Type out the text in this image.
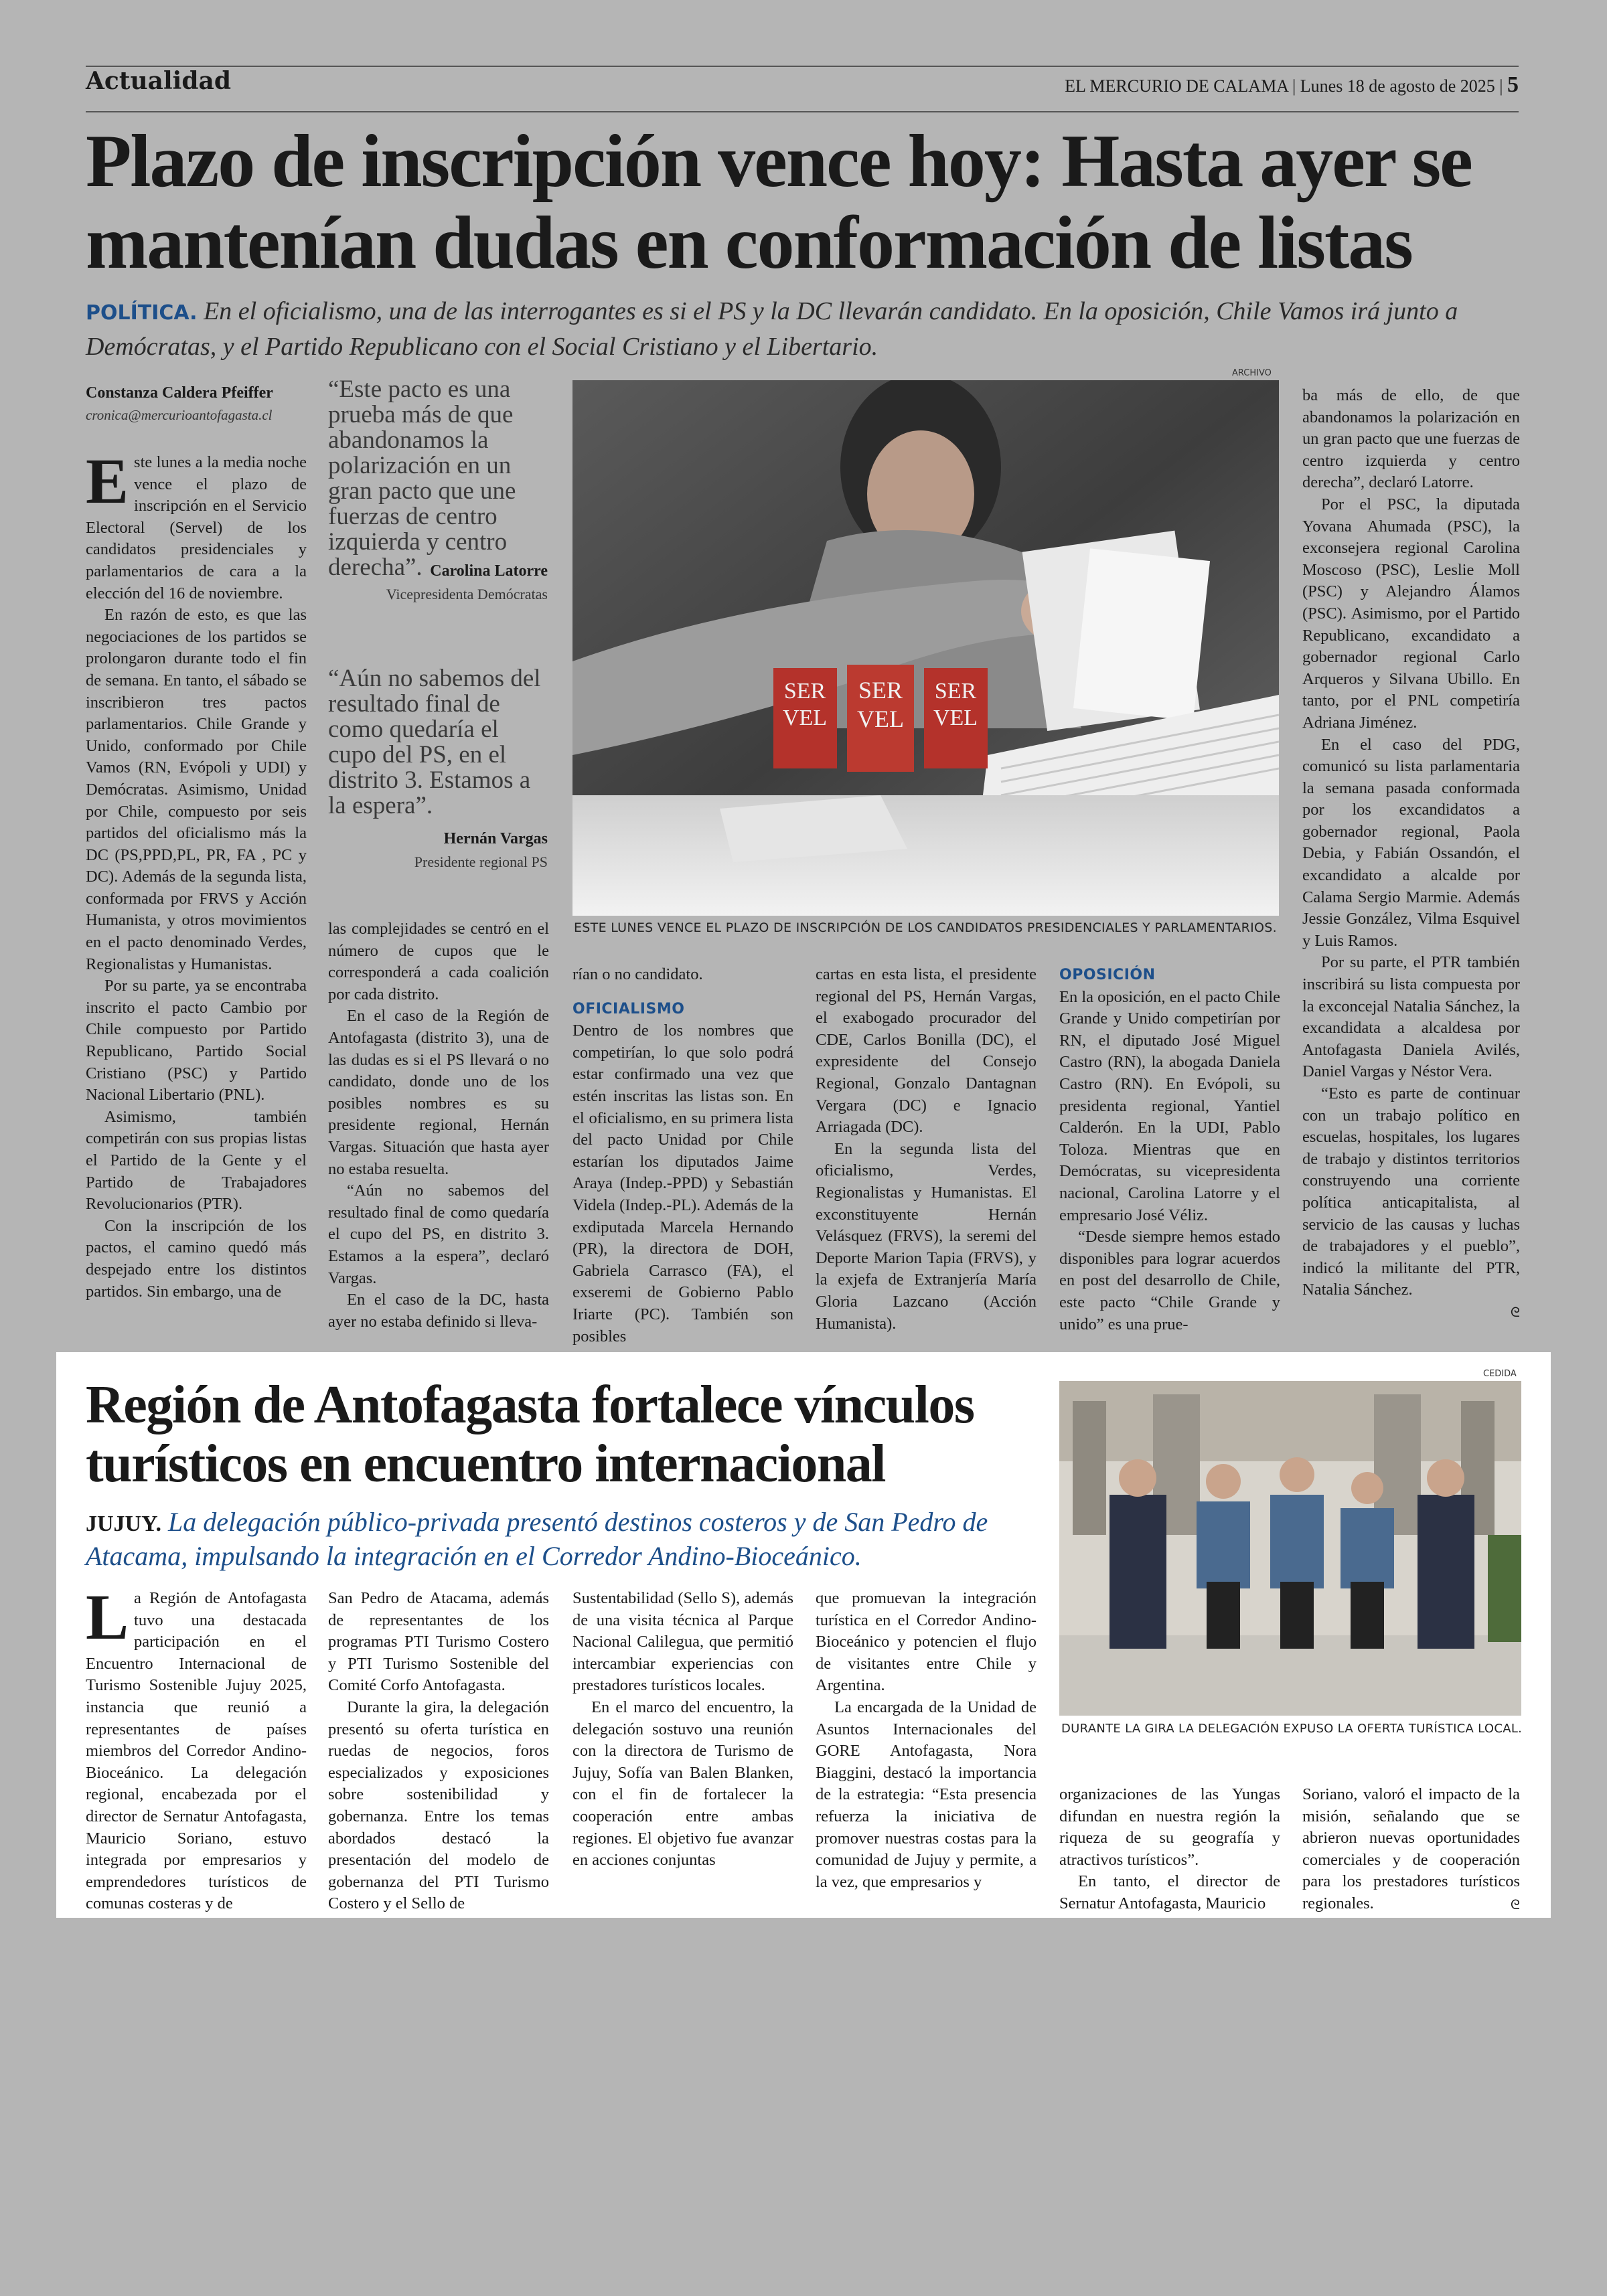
Actualidad	EL MERCURIO DE CALAMA | Lunes 18 de agosto de 2025 | 5
Plazo de inscripción vence hoy: Hasta ayer se mantenían dudas en conformación de listas
POLÍTICA. En el oficialismo, una de las interrogantes es si el PS y la DC llevarán candidato. En la oposición, Chile Vamos irá junto a Demócratas, y el Partido Republicano con el Social Cristiano y el Libertario.
Constanza Caldera Pfeiffer
cronica@mercurioantofagasta.cl
E ste lunes a la media noche vence el plazo de inscripción en el Servicio Electoral (Servel) de los candidatos presidenciales y parlamentarios de cara a la elección del 16 de noviembre.

En razón de esto, es que las negociaciones de los partidos se prolongaron durante todo el fin de semana. En tanto, el sábado se inscribieron tres pactos parlamentarios. Chile Grande y Unido, conformado por Chile Vamos (RN, Evópoli y UDI) y Demócratas. Asimismo, Unidad por Chile, compuesto por seis partidos del oficialismo más la DC (PS,PPD,PL, PR, FA , PC y DC). Además de la segunda lista, conformada por FRVS y Acción Humanista, y otros movimientos en el pacto denominado Verdes, Regionalistas y Humanistas.

Por su parte, ya se encontraba inscrito el pacto Cambio por Chile compuesto por Partido Republicano, Partido Social Cristiano (PSC) y Partido Nacional Libertario (PNL).

Asimismo, también competirán con sus propias listas el Partido de la Gente y el Partido de Trabajadores Revolucionarios (PTR).

Con la inscripción de los pactos, el camino quedó más despejado entre los distintos partidos. Sin embargo, una de

“Este pacto es una prueba más de que abandonamos la polarización en un gran pacto que une fuerzas de centro izquierda y centro derecha”. Carolina Latorre
Vicepresidenta Demócratas
“Aún no sabemos del resultado final de como quedaría el cupo del PS, en el distrito 3. Estamos a la espera”.
Hernán Vargas
Presidente regional PS

las complejidades se centró en el número de cupos que le corresponderá a cada coalición por cada distrito.

En el caso de la Región de Antofagasta (distrito 3), una de las dudas es si el PS llevará o no candidato, donde uno de los posibles nombres es su presidente regional, Hernán Vargas. Situación que hasta ayer no estaba resuelta.

“Aún no sabemos del resultado final de como quedaría el cupo del PS, en distrito 3. Estamos a la espera”, declaró Vargas.

En el caso de la DC, hasta ayer no estaba definido si lleva-

ARCHIVO
SER
VEL
SER
VEL
SER
VEL
ESTE LUNES VENCE EL PLAZO DE INSCRIPCIÓN DE LOS CANDIDATOS PRESIDENCIALES Y PARLAMENTARIOS.

rían o no candidato.

OFICIALISMO

Dentro de los nombres que competirían, lo que solo podrá estar confirmado una vez que estén inscritas las listas son. En el oficialismo, en su primera lista del pacto Unidad por Chile estarían los diputados Jaime Araya (Indep.-PPD) y Sebastián Videla (Indep.-PL). Además de la exdiputada Marcela Hernando (PR), la directora de DOH, Gabriela Carrasco (FA), el exseremi de Gobierno Pablo Iriarte (PC). También son posibles

cartas en esta lista, el presidente regional del PS, Hernán Vargas, el exabogado procurador del CDE, Carlos Bonilla (DC), el expresidente del Consejo Regional, Gonzalo Dantagnan Vergara (DC) e Ignacio Arriagada (DC).

En la segunda lista del oficialismo, Verdes, Regionalistas y Humanistas. El exconstituyente Hernán Velásquez (FRVS), la seremi del Deporte Marion Tapia (FRVS), y la exjefa de Extranjería María Gloria Lazcano (Acción Humanista).

OPOSICIÓN

En la oposición, en el pacto Chile Grande y Unido competirían por RN, el diputado José Miguel Castro (RN), la abogada Daniela Castro (RN). En Evópoli, su presidenta regional, Yantiel Calderón. En la UDI, Pablo Toloza. Mientras que en Demócratas, su vicepresidenta nacional, Carolina Latorre y el empresario José Véliz.

“Desde siempre hemos estado disponibles para lograr acuerdos en post del desarrollo de Chile, este pacto “Chile Grande y unido” es una prue-

ba más de ello, de que abandonamos la polarización en un gran pacto que une fuerzas de centro izquierda y centro derecha”, declaró Latorre.

Por el PSC, la diputada Yovana Ahumada (PSC), la exconsejera regional Carolina Moscoso (PSC), Leslie Moll (PSC) y Alejandro Álamos (PSC). Asimismo, por el Partido Republicano, excandidato a gobernador regional Carlo Arqueros y Silvana Ubillo. En tanto, por el PNL competiría Adriana Jiménez.

En el caso del PDG, comunicó su lista parlamentaria la semana pasada conformada por los excandidatos a gobernador regional, Paola Debia, y Fabián Ossandón, el excandidato a alcalde por Calama Sergio Marmie. Además Jessie González, Vilma Esquivel y Luis Ramos.

Por su parte, el PTR también inscribirá su lista compuesta por la exconcejal Natalia Sánchez, la excandidata a alcaldesa por Antofagasta Daniela Avilés, Daniel Vargas y Néstor Vera.

“Esto es parte de continuar con un trabajo político en escuelas, hospitales, los lugares de trabajo y distintos territorios construyendo una corriente política anticapitalista, al servicio de las causas y luchas de trabajadores y el pueblo”, indicó la militante del PTR, Natalia Sánchez.

ᘓ

Región de Antofagasta fortalece vínculos turísticos en encuentro internacional
JUJUY. La delegación público-privada presentó destinos costeros y de San Pedro de Atacama, impulsando la integración en el Corredor Andino-Bioceánico.
CEDIDA
DURANTE LA GIRA LA DELEGACIÓN EXPUSO LA OFERTA TURÍSTICA LOCAL.
L a Región de Antofagasta tuvo una destacada participación en el Encuentro Internacional de Turismo Sostenible Jujuy 2025, instancia que reunió a representantes de países miembros del Corredor Andino-Bioceánico. La delegación regional, encabezada por el director de Sernatur Antofagasta, Mauricio Soriano, estuvo integrada por empresarios y emprendedores turísticos de comunas costeras y de

San Pedro de Atacama, además de representantes de los programas PTI Turismo Costero y PTI Turismo Sostenible del Comité Corfo Antofagasta.

Durante la gira, la delegación presentó su oferta turística en ruedas de negocios, foros especializados y exposiciones sobre sostenibilidad y gobernanza. Entre los temas abordados destacó la presentación del modelo de gobernanza del PTI Turismo Costero y el Sello de

Sustentabilidad (Sello S), además de una visita técnica al Parque Nacional Calilegua, que permitió intercambiar experiencias con prestadores turísticos locales.

En el marco del encuentro, la delegación sostuvo una reunión con la directora de Turismo de Jujuy, Sofía van Balen Blanken, con el fin de fortalecer la cooperación entre ambas regiones. El objetivo fue avanzar en acciones conjuntas

que promuevan la integración turística en el Corredor Andino-Bioceánico y potencien el flujo de visitantes entre Chile y Argentina.

La encargada de la Unidad de Asuntos Internacionales del GORE Antofagasta, Nora Biaggini, destacó la importancia de la estrategia: “Esta presencia refuerza la iniciativa de promover nuestras costas para la comunidad de Jujuy y permite, a la vez, que empresarios y

organizaciones de las Yungas difundan en nuestra región la riqueza de su geografía y atractivos turísticos”.

En tanto, el director de Sernatur Antofagasta, Mauricio

Soriano, valoró el impacto de la misión, señalando que se abrieron nuevas oportunidades comerciales y de cooperación para los prestadores turísticos regionales.	ᘓ
